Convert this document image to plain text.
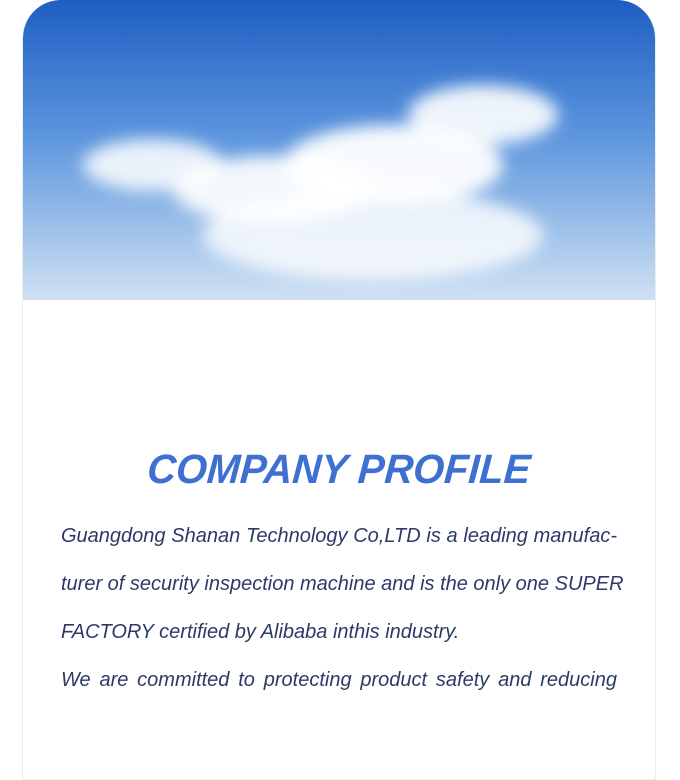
COMPANY PROFILE
Guangdong Shanan Technology Co,LTD is a leading manufac-
turer of security inspection machine and is the only one SUPER
FACTORY certified by Alibaba inthis industry.
We are committed to protecting product safety and reducing
